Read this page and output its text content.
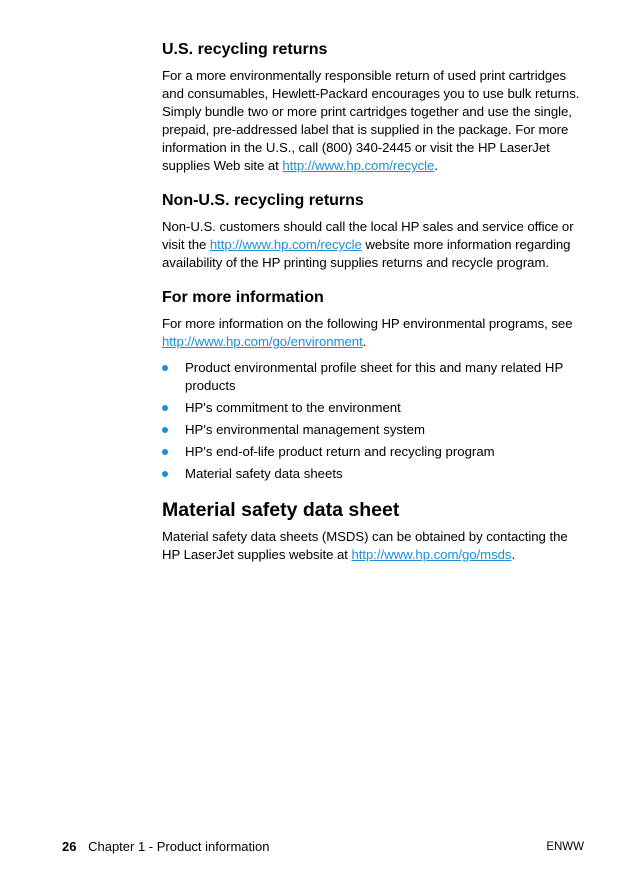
U.S. recycling returns

For a more environmentally responsible return of used print cartridges and consumables, Hewlett-Packard encourages you to use bulk returns. Simply bundle two or more print cartridges together and use the single, prepaid, pre-addressed label that is supplied in the package. For more information in the U.S., call (800) 340-2445 or visit the HP LaserJet supplies Web site at http://www.hp.com/recycle.

Non-U.S. recycling returns

Non-U.S. customers should call the local HP sales and service office or visit the http://www.hp.com/recycle website more information regarding availability of the HP printing supplies returns and recycle program.

For more information

For more information on the following HP environmental programs, see http://www.hp.com/go/environment.

Product environmental profile sheet for this and many related HP products
HP's commitment to the environment
HP's environmental management system
HP's end-of-life product return and recycling program
Material safety data sheets
Material safety data sheet

Material safety data sheets (MSDS) can be obtained by contacting the HP LaserJet supplies website at http://www.hp.com/go/msds.

26 Chapter 1 - Product information	ENWW
